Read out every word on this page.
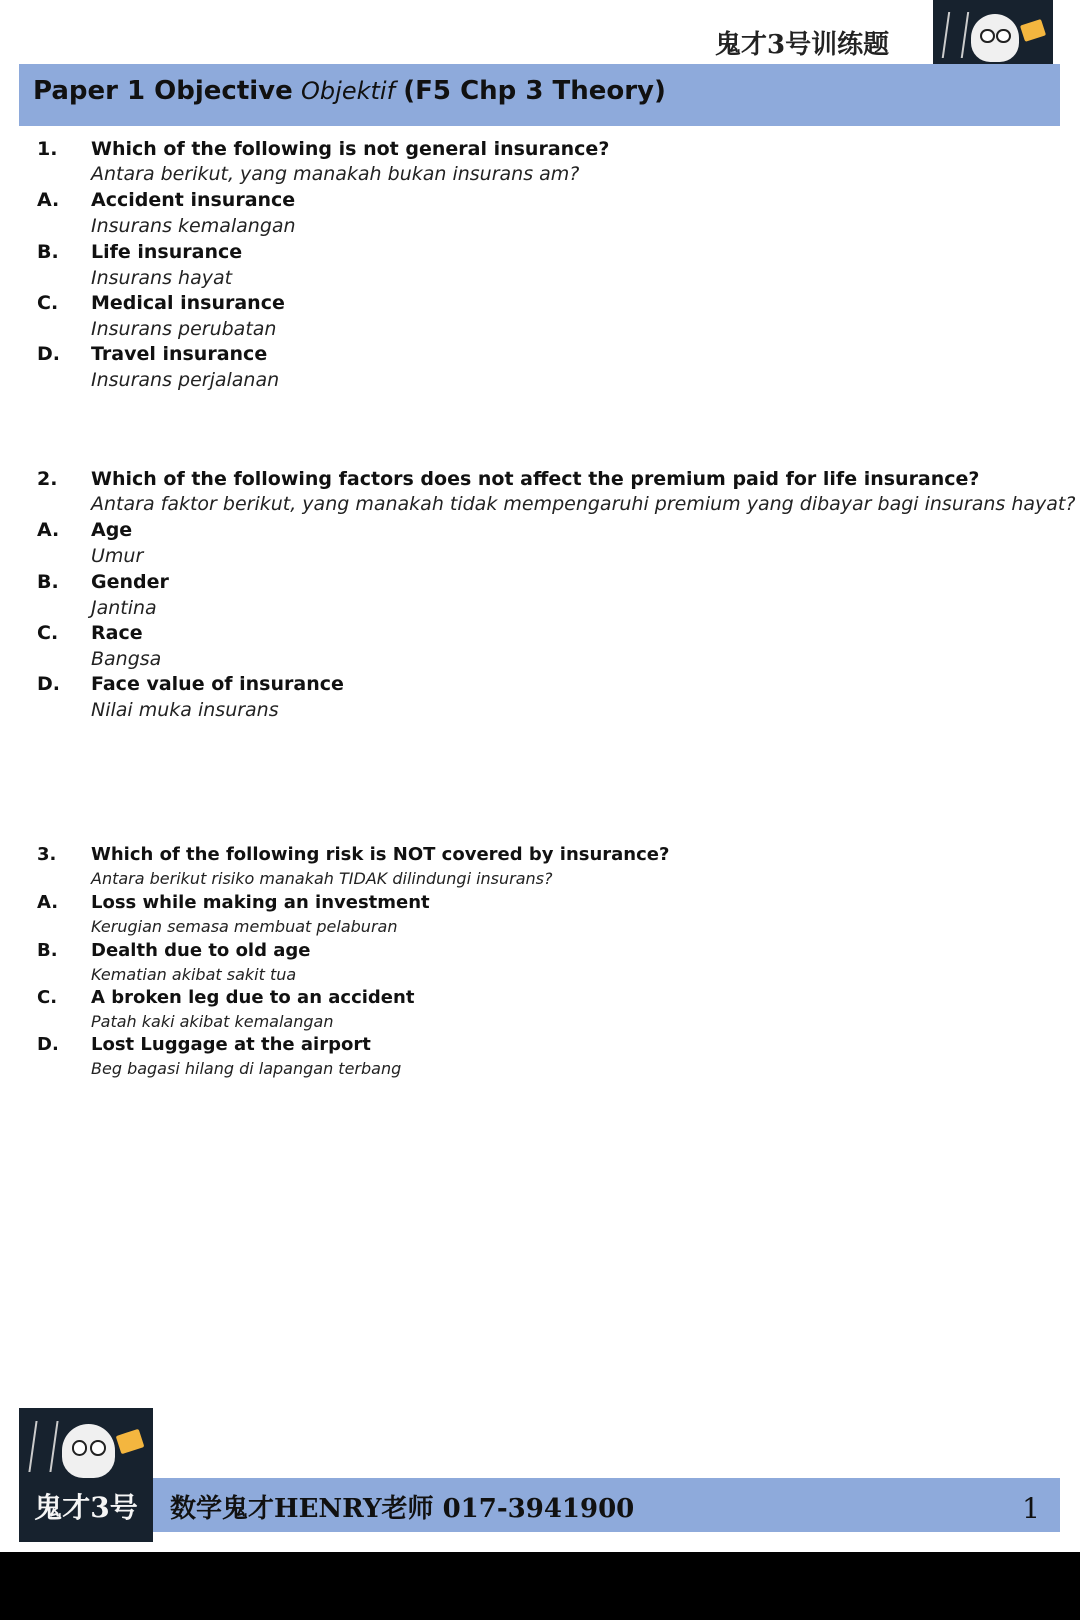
鬼才3号训练题
Paper 1 Objective Objektif (F5 Chp 3 Theory)
1. Which of the following is not general insurance?
Antara berikut, yang manakah bukan insurans am?
A. Accident insurance
Insurans kemalangan
B. Life insurance
Insurans hayat
C. Medical insurance
Insurans perubatan
D. Travel insurance
Insurans perjalanan
2. Which of the following factors does not affect the premium paid for life insurance?
Antara faktor berikut, yang manakah tidak mempengaruhi premium yang dibayar bagi insurans hayat?
A. Age
Umur
B. Gender
Jantina
C. Race
Bangsa
D. Face value of insurance
Nilai muka insurans
3. Which of the following risk is NOT covered by insurance?
Antara berikut risiko manakah TIDAK dilindungi insurans?
A. Loss while making an investment
Kerugian semasa membuat pelaburan
B. Dealth due to old age
Kematian akibat sakit tua
C. A broken leg due to an accident
Patah kaki akibat kemalangan
D. Lost Luggage at the airport
Beg bagasi hilang di lapangan terbang
鬼才3号	数学鬼才HENRY老师 017-3941900	1
